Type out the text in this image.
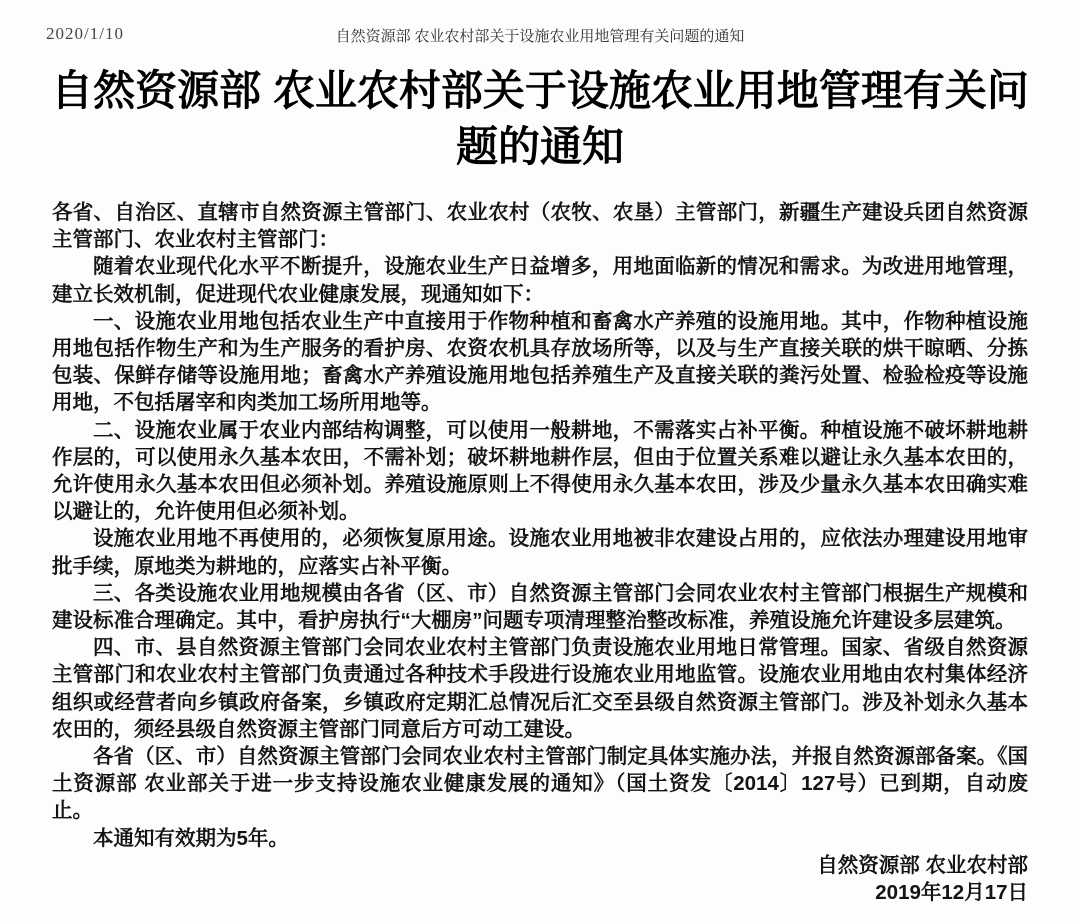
2020/1/10	自然资源部 农业农村部关于设施农业用地管理有关问题的通知
自然资源部 农业农村部关于设施农业用地管理有关问题的通知

各省、自治区、直辖市自然资源主管部门、农业农村（农牧、农垦）主管部门，新疆生产建设兵团自然资源主管部门、农业农村主管部门：

随着农业现代化水平不断提升，设施农业生产日益增多，用地面临新的情况和需求。为改进用地管理，建立长效机制，促进现代农业健康发展，现通知如下：

一、设施农业用地包括农业生产中直接用于作物种植和畜禽水产养殖的设施用地。其中，作物种植设施用地包括作物生产和为生产服务的看护房、农资农机具存放场所等，以及与生产直接关联的烘干晾晒、分拣包装、保鲜存储等设施用地；畜禽水产养殖设施用地包括养殖生产及直接关联的粪污处置、检验检疫等设施用地，不包括屠宰和肉类加工场所用地等。

二、设施农业属于农业内部结构调整，可以使用一般耕地，不需落实占补平衡。种植设施不破坏耕地耕作层的，可以使用永久基本农田，不需补划；破坏耕地耕作层，但由于位置关系难以避让永久基本农田的，允许使用永久基本农田但必须补划。养殖设施原则上不得使用永久基本农田，涉及少量永久基本农田确实难以避让的，允许使用但必须补划。

设施农业用地不再使用的，必须恢复原用途。设施农业用地被非农建设占用的，应依法办理建设用地审批手续，原地类为耕地的，应落实占补平衡。

三、各类设施农业用地规模由各省（区、市）自然资源主管部门会同农业农村主管部门根据生产规模和建设标准合理确定。其中，看护房执行“大棚房”问题专项清理整治整改标准，养殖设施允许建设多层建筑。

四、市、县自然资源主管部门会同农业农村主管部门负责设施农业用地日常管理。国家、省级自然资源主管部门和农业农村主管部门负责通过各种技术手段进行设施农业用地监管。设施农业用地由农村集体经济组织或经营者向乡镇政府备案，乡镇政府定期汇总情况后汇交至县级自然资源主管部门。涉及补划永久基本农田的，须经县级自然资源主管部门同意后方可动工建设。

各省（区、市）自然资源主管部门会同农业农村主管部门制定具体实施办法，并报自然资源部备案。《国土资源部 农业部关于进一步支持设施农业健康发展的通知》（国土资发〔2014〕127号）已到期，自动废止。

本通知有效期为5年。

自然资源部 农业农村部
2019年12月17日
